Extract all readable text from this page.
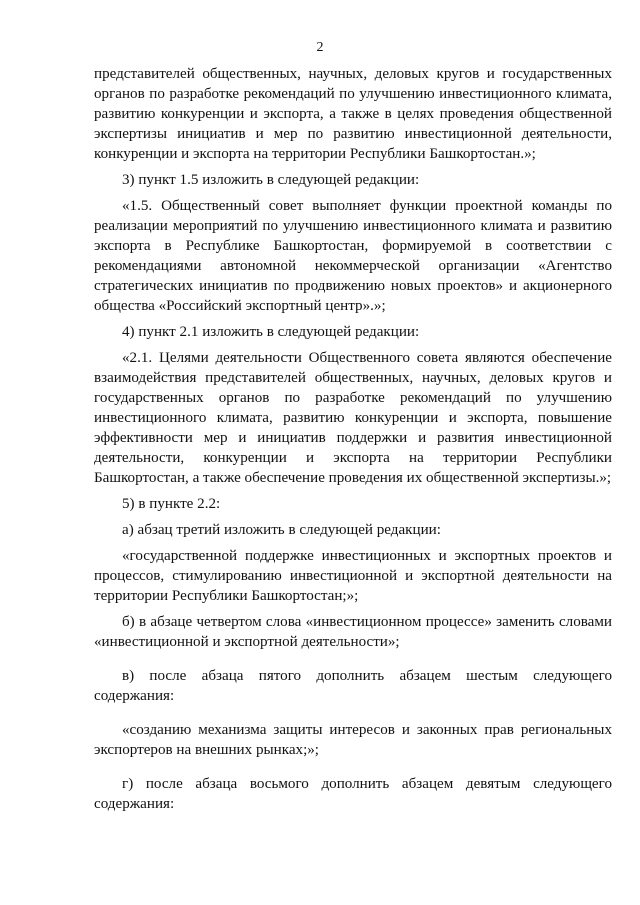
2

представителей общественных, научных, деловых кругов и государственных органов по разработке рекомендаций по улучшению инвестиционного климата, развитию конкуренции и экспорта, а также в целях проведения общественной экспертизы инициатив и мер по развитию инвестиционной деятельности, конкуренции и экспорта на территории Республики Башкортостан.»;

3) пункт 1.5 изложить в следующей редакции:

«1.5. Общественный совет выполняет функции проектной команды по реализации мероприятий по улучшению инвестиционного климата и развитию экспорта в Республике Башкортостан, формируемой в соответствии с рекомендациями автономной некоммерческой организации «Агентство стратегических инициатив по продвижению новых проектов» и акционерного общества «Российский экспортный центр».»;

4) пункт 2.1 изложить в следующей редакции:

«2.1. Целями деятельности Общественного совета являются обеспечение взаимодействия представителей общественных, научных, деловых кругов и государственных органов по разработке рекомендаций по улучшению инвестиционного климата, развитию конкуренции и экспорта, повышение эффективности мер и инициатив поддержки и развития инвестиционной деятельности, конкуренции и экспорта на территории Республики Башкортостан, а также обеспечение проведения их общественной экспертизы.»;

5) в пункте 2.2:

а) абзац третий изложить в следующей редакции:

«государственной поддержке инвестиционных и экспортных проектов и процессов, стимулированию инвестиционной и экспортной деятельности на территории Республики Башкортостан;»;

б) в абзаце четвертом слова «инвестиционном процессе» заменить словами «инвестиционной и экспортной деятельности»;

в) после абзаца пятого дополнить абзацем шестым следующего содержания:

«созданию механизма защиты интересов и законных прав региональных экспортеров на внешних рынках;»;

г) после абзаца восьмого дополнить абзацем девятым следующего содержания:
